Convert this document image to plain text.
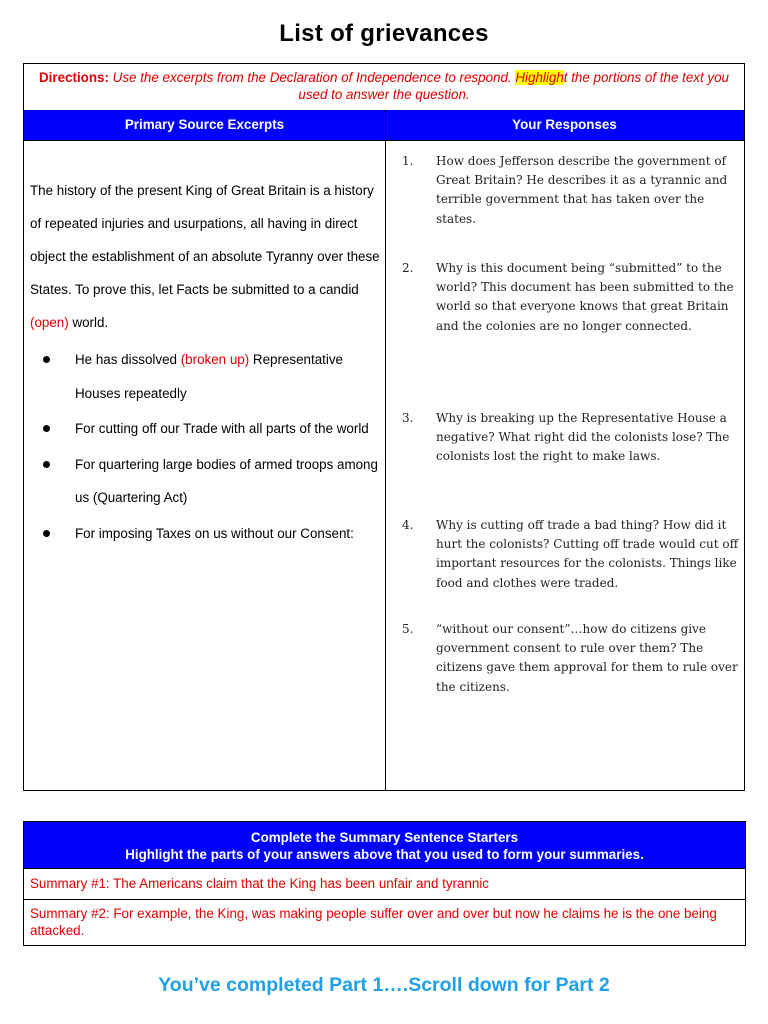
List of grievances
Directions: Use the excerpts from the Declaration of Independence to respond. Highlight the portions of the text you used to answer the question.
Primary Source Excerpts	Your Responses

The history of the present King of Great Britain is a history of repeated injuries and usurpations, all having in direct object the establishment of an absolute Tyranny over these States. To prove this, let Facts be submitted to a candid (open) world.

He has dissolved (broken up) Representative Houses repeatedly
For cutting off our Trade with all parts of the world
For quartering large bodies of armed troops among us (Quartering Act)
For imposing Taxes on us without our Consent:
1. How does Jefferson describe the government of Great Britain? He describes it as a tyrannic and terrible government that has taken over the states.
2. Why is this document being “submitted” to the world? This document has been submitted to the world so that everyone knows that great Britain and the colonies are no longer connected.
3. Why is breaking up the Representative House a negative? What right did the colonists lose? The colonists lost the right to make laws.
4. Why is cutting off trade a bad thing? How did it hurt the colonists? Cutting off trade would cut off important resources for the colonists. Things like food and clothes were traded.
5. “without our consent”…how do citizens give government consent to rule over them? The citizens gave them approval for them to rule over the citizens.
Complete the Summary Sentence Starters
Highlight the parts of your answers above that you used to form your summaries.
Summary #1: The Americans claim that the King has been unfair and tyrannic
Summary #2: For example, the King, was making people suffer over and over but now he claims he is the one being attacked.
You’ve completed Part 1….Scroll down for Part 2
